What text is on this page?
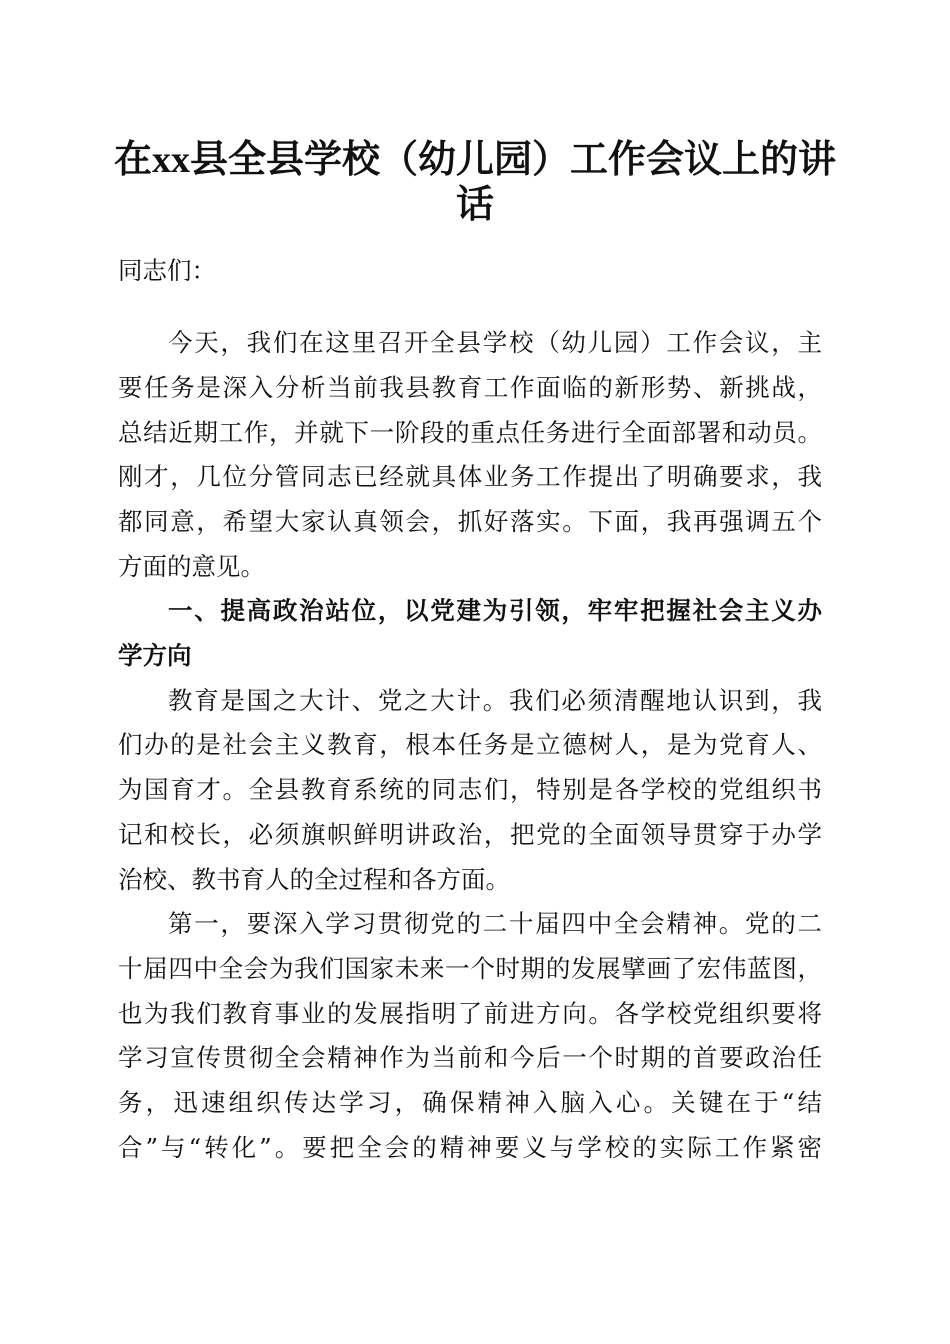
在xx县全县学校（幼儿园）工作会议上的讲
话
同志们：
今天，我们在这里召开全县学校（幼儿园）工作会议，主
要任务是深入分析当前我县教育工作面临的新形势、新挑战，
总结近期工作，并就下一阶段的重点任务进行全面部署和动员。
刚才，几位分管同志已经就具体业务工作提出了明确要求，我
都同意，希望大家认真领会，抓好落实。下面，我再强调五个
方面的意见。
一、提高政治站位，以党建为引领，牢牢把握社会主义办
学方向
教育是国之大计、党之大计。我们必须清醒地认识到，我
们办的是社会主义教育，根本任务是立德树人，是为党育人、
为国育才。全县教育系统的同志们，特别是各学校的党组织书
记和校长，必须旗帜鲜明讲政治，把党的全面领导贯穿于办学
治校、教书育人的全过程和各方面。
第一，要深入学习贯彻党的二十届四中全会精神。党的二
十届四中全会为我们国家未来一个时期的发展擘画了宏伟蓝图，
也为我们教育事业的发展指明了前进方向。各学校党组织要将
学习宣传贯彻全会精神作为当前和今后一个时期的首要政治任
务，迅速组织传达学习，确保精神入脑入心。关键在于“结
合”与“转化”。要把全会的精神要义与学校的实际工作紧密
